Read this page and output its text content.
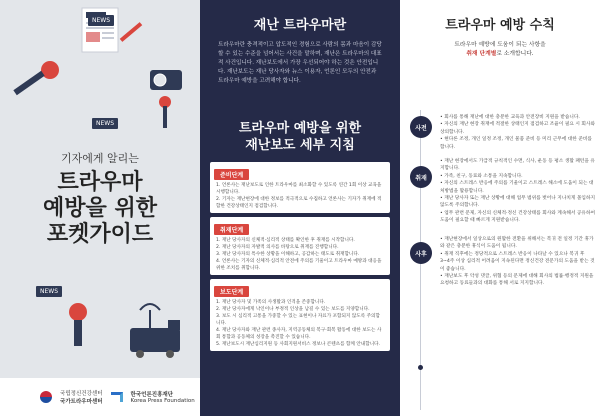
NEWS
NEWS
NEWS
기자에게 알리는
트라우마
예방을 위한
포켓가이드
국립정신건강센터
국가트라우마센터
한국언론진흥재단
Korea Press Foundation
재난 트라우마란
트라우마란 충격적이고 압도적인 경험으로 사람의 몸과 마음이 감당할 수 있는 수준을 넘어서는 사건을 말하며, 재난은 트라우마의 대표적 사건입니다. 재난보도에서 가장 우선되어야 하는 것은 안전입니다. 재난보도는 재난 당사자와 뉴스 이용자, 언론인 모두의 안전과 트라우마 예방을 고려해야 합니다.
트라우마 예방을 위한
재난보도 세부 지침
준비단계
1. 언론사는 재난보도로 인한 트라우마를 최소화할 수 있도록 연간 1회 이상 교육을 시행합니다.
2. 기자는 재난현장에 대한 정보를 적극적으로 수집하고 언론사는 기자가 취재에 적합한 건강상태인지 점검합니다.
취재단계
1. 재난 당사자의 신체적·심리적 상태를 확인한 후 취재를 시작합니다.
2. 재난 당사자의 자발적 의사를 바탕으로 취재를 진행합니다.
3. 재난 당사자의 특수한 상황을 이해하고, 공감하는 태도로 취재합니다.
4. 언론사는 기자의 신체적·심리적 안전에 주의를 기울이고 트라우마 예방과 대응을 위한 조치를 취합니다.
보도단계
1. 재난 당사자 및 가족의 사생활과 인격을 존중합니다.
2. 재난 당사자에게 낙인이나 부정적 인상을 남길 수 있는 보도를 지양합니다.
3. 보도 시 심리적 고통을 가중할 수 있는 표현이나 자료가 포함되지 않도록 주의합니다.
4. 재난 당사자와 재난 관련 종사자, 지역공동체의 복구·회복 활동에 대한 보도는 사회 통합과 공동체의 성장을 촉진할 수 있습니다.
5. 재난보도시 재난심리지원 등 사회지원서비스 정보나 콘텐츠를 함께 안내합니다.
트라우마 예방 수칙
트라우마 예방에 도움이 되는 사항을
취재 단계별로 소개합니다.
사전
• 회사를 통해 재난에 대한 충분한 교육과 안전장비 지원을 받습니다.
• 자신의 재난 현장 취재에 적절한 상태인지 점검하고 조율이 필요 시 회사와 상의합니다.
• 현다른 조정, 개인 일정 조정, 개인 물품 준비 등 미리 근무에 대한 준비를 합니다.
취재
• 재난 현장에서도 가급적 규칙적인 수면, 식사, 운동 등 평소 생활 패턴을 유지합니다.
• 가족, 친구, 동료와 소통을 지속합니다.
• 자신의 스트레스 반응에 주의를 기울이고 스트레스 해소에 도움이 되는 대처방법을 활용합니다.
• 재난 당사자 또는 재난 상황에 대해 업무 범위를 벗어나 지나치게 몰입하지 않도록 주의합니다.
• 업무 관련 문제, 자신의 신체적·정신 건강상태를 회사와 계속해서 공유하여 도움이 필요할 때 빠르게 지원받습니다.
사후
• 재난현장에서 일상으로의 원활한 전환을 위해서는 복귀 전 일정 기간 휴가와 같은 충분한 휴식이 도움이 됩니다.
• 취재 직후에는 정당적으로 스트레스 반응이 나타날 수 있으나 복귀 후 3~4주 이상 심리적 어려움이 지속된다면 정신건강 전문가의 도움을 받는 것이 좋습니다.
• 재난보도 후 악성 댓글, 위협 등의 문제에 대해 회사의 법률·행정적 지원을 요청하고 동료들과의 대화를 통해 서로 지지합니다.
